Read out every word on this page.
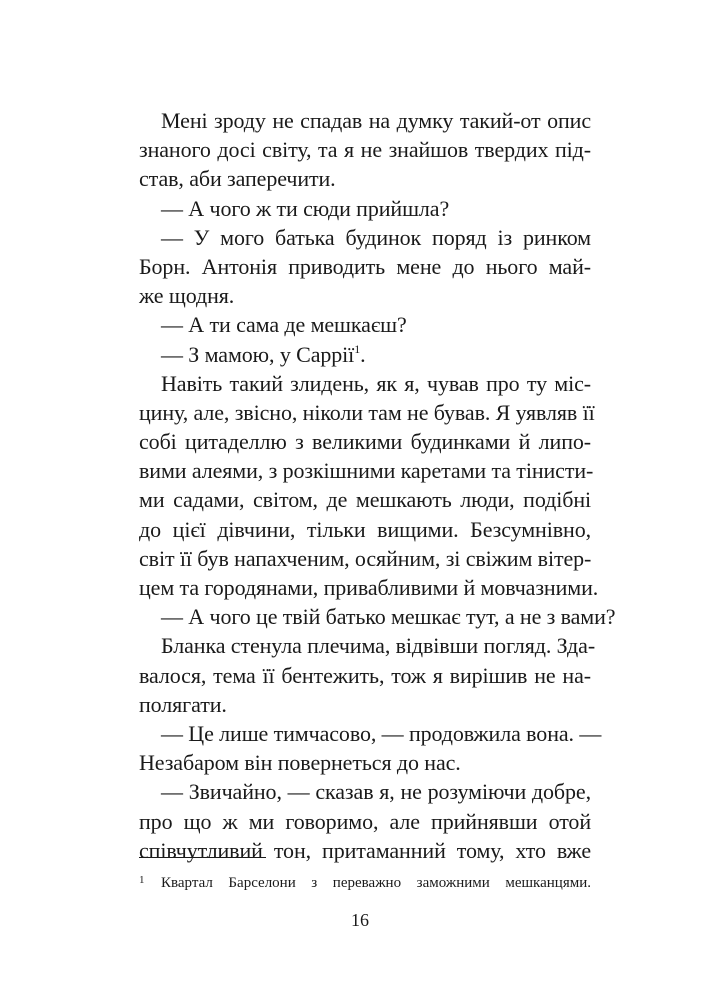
Мені зроду не спадав на думку такий-от опис
знаного досі світу, та я не знайшов твердих під-
став, аби заперечити.
— А чого ж ти сюди прийшла?
— У мого батька будинок поряд із ринком
Борн. Антонія приводить мене до нього май-
же щодня.
— А ти сама де мешкаєш?
— З мамою, у Саррії$^1$.
Навіть такий злидень, як я, чував про ту міс-
цину, але, звісно, ніколи там не бував. Я уявляв її
собі цитаделлю з великими будинками й липо-
вими алеями, з розкішними каретами та тінисти-
ми садами, світом, де мешкають люди, подібні
до цієї дівчини, тільки вищими. Безсумнівно,
світ її був напахченим, осяйним, зі свіжим вітер-
цем та городянами, привабливими й мовчазними.
— А чого це твій батько мешкає тут, а не з вами?
Бланка стенула плечима, відвівши погляд. Зда-
валося, тема її бентежить, тож я вирішив не на-
полягати.
— Це лише тимчасово, — продовжила вона. —
Незабаром він повернеться до нас.
— Звичайно, — сказав я, не розуміючи добре,
про що ж ми говоримо, але прийнявши отой
співчутливий тон, притаманний тому, хто вже
1 Квартал Барселони з переважно заможними мешканцями.
16
